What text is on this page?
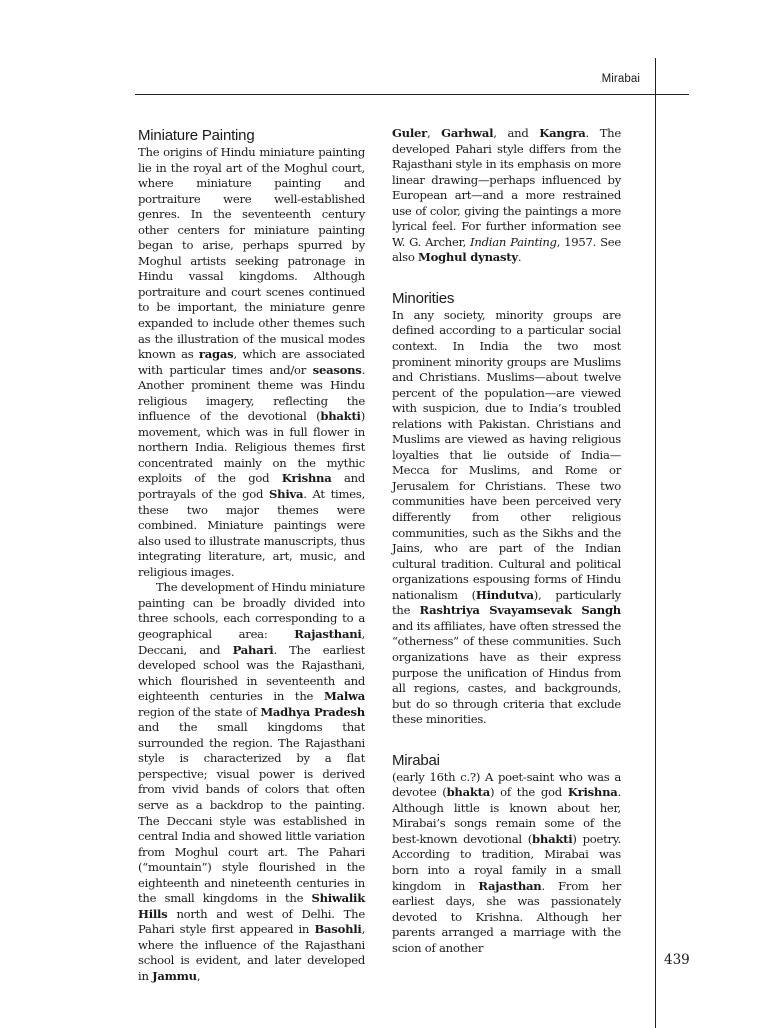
Mirabai
439
Miniature Painting

The origins of Hindu miniature painting lie in the royal art of the Moghul court, where miniature painting and portraiture were well-established genres. In the seventeenth century other centers for miniature painting began to arise, perhaps spurred by Moghul artists seeking patronage in Hindu vassal kingdoms. Although portraiture and court scenes continued to be important, the miniature genre expanded to include other themes such as the illustration of the musical modes known as ragas, which are associated with particular times and/or seasons. Another prominent theme was Hindu religious imagery, reflecting the influence of the devotional (bhakti) movement, which was in full flower in northern India. Religious themes first concentrated mainly on the mythic exploits of the god Krishna and portrayals of the god Shiva. At times, these two major themes were combined. Miniature paintings were also used to illustrate manuscripts, thus integrating literature, art, music, and religious images.

The development of Hindu miniature painting can be broadly divided into three schools, each corresponding to a geographical area: Rajasthani, Deccani, and Pahari. The earliest developed school was the Rajasthani, which flourished in seventeenth and eighteenth centuries in the Malwa region of the state of Madhya Pradesh and the small kingdoms that surrounded the region. The Rajasthani style is characterized by a flat perspective; visual power is derived from vivid bands of colors that often serve as a backdrop to the painting. The Deccani style was established in central India and showed little variation from Moghul court art. The Pahari (“mountain”) style flourished in the eighteenth and nineteenth centuries in the small kingdoms in the Shiwalik Hills north and west of Delhi. The Pahari style first appeared in Basohli, where the influence of the Rajasthani school is evident, and later developed in Jammu,

Guler, Garhwal, and Kangra. The developed Pahari style differs from the Rajasthani style in its emphasis on more linear drawing—perhaps influenced by European art—and a more restrained use of color, giving the paintings a more lyrical feel. For further information see W. G. Archer, Indian Painting, 1957. See also Moghul dynasty.

Minorities

In any society, minority groups are defined according to a particular social context. In India the two most prominent minority groups are Muslims and Christians. Muslims—about twelve percent of the population—are viewed with suspicion, due to India’s troubled relations with Pakistan. Christians and Muslims are viewed as having religious loyalties that lie outside of India—Mecca for Muslims, and Rome or Jerusalem for Christians. These two communities have been perceived very differently from other religious communities, such as the Sikhs and the Jains, who are part of the Indian cultural tradition. Cultural and political organizations espousing forms of Hindu nationalism (Hindutva), particularly the Rashtriya Svayamsevak Sangh and its affiliates, have often stressed the “otherness” of these communities. Such organizations have as their express purpose the unification of Hindus from all regions, castes, and backgrounds, but do so through criteria that exclude these minorities.

Mirabai

(early 16th c.?) A poet-saint who was a devotee (bhakta) of the god Krishna. Although little is known about her, Mirabai’s songs remain some of the best-known devotional (bhakti) poetry. According to tradition, Mirabai was born into a royal family in a small kingdom in Rajasthan. From her earliest days, she was passionately devoted to Krishna. Although her parents arranged a marriage with the scion of another
